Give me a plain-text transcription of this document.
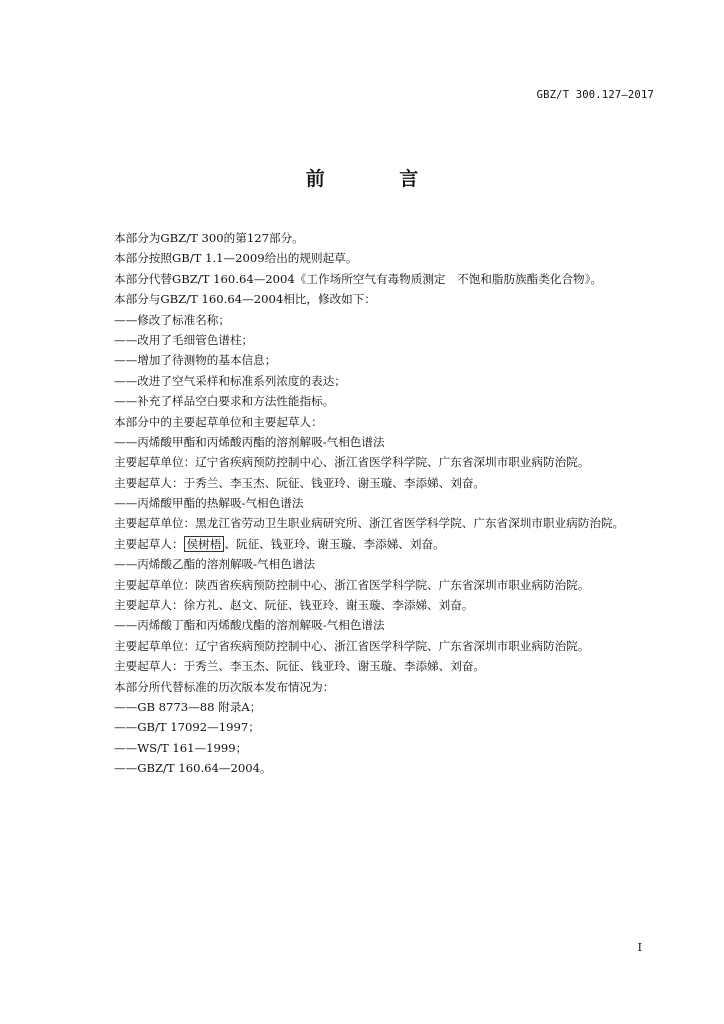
GBZ/T 300.127—2017
前 言
本部分为GBZ/T 300的第127部分。
本部分按照GB/T 1.1—2009给出的规则起草。
本部分代替GBZ/T 160.64—2004《工作场所空气有毒物质测定　不饱和脂肪族酯类化合物》。
本部分与GBZ/T 160.64—2004相比，修改如下：
——修改了标准名称；
——改用了毛细管色谱柱；
——增加了待测物的基本信息；
——改进了空气采样和标准系列浓度的表达；
——补充了样品空白要求和方法性能指标。
本部分中的主要起草单位和主要起草人：
——丙烯酸甲酯和丙烯酸丙酯的溶剂解吸-气相色谱法
主要起草单位：辽宁省疾病预防控制中心、浙江省医学科学院、广东省深圳市职业病防治院。
主要起草人：于秀兰、李玉杰、阮征、钱亚玲、谢玉璇、李添娣、刘奋。
——丙烯酸甲酯的热解吸-气相色谱法
主要起草单位：黑龙江省劳动卫生职业病研究所、浙江省医学科学院、广东省深圳市职业病防治院。
主要起草人： 侯树梧 、阮征、钱亚玲、谢玉璇、李添娣、刘奋。
——丙烯酸乙酯的溶剂解吸-气相色谱法
主要起草单位：陕西省疾病预防控制中心、浙江省医学科学院、广东省深圳市职业病防治院。
主要起草人：徐方礼、赵文、阮征、钱亚玲、谢玉璇、李添娣、刘奋。
——丙烯酸丁酯和丙烯酸戊酯的溶剂解吸-气相色谱法
主要起草单位：辽宁省疾病预防控制中心、浙江省医学科学院、广东省深圳市职业病防治院。
主要起草人：于秀兰、李玉杰、阮征、钱亚玲、谢玉璇、李添娣、刘奋。
本部分所代替标准的历次版本发布情况为：
——GB 8773—88 附录A；
——GB/T 17092—1997；
——WS/T 161—1999；
——GBZ/T 160.64—2004。
I
